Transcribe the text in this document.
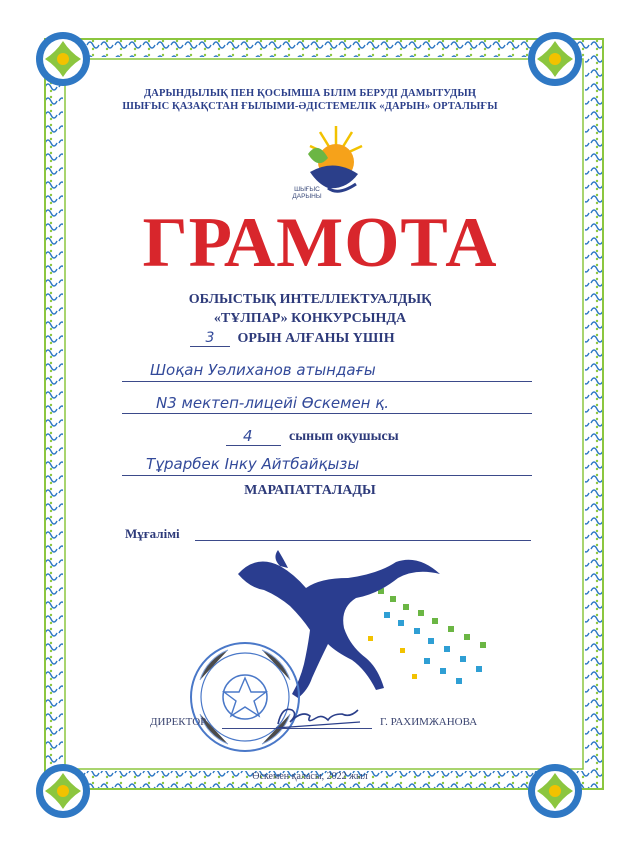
ДАРЫНДЫЛЫҚ ПЕН ҚОСЫМША БІЛІМ БЕРУДІ ДАМЫТУДЫҢ
ШЫҒЫС ҚАЗАҚСТАН ҒЫЛЫМИ-ӘДІСТЕМЕЛІК «ДАРЫН» ОРТАЛЫҒЫ
ШЫҒЫС
ДАРЫНЫ
ГРАМОТА
ОБЛЫСТЫҚ ИНТЕЛЛЕКТУАЛДЫҚ
«ТҰЛПАР» КОНКУРСЫНДА
3 ОРЫН АЛҒАНЫ ҮШІН
Шоқан Уәлиханов атындағы
N3 мектеп-лицейі Өскемен қ.
4	сынып оқушысы
Тұрарбек Інку Айтбайқызы
МАРАПАТТАЛАДЫ
Мұғалімі
ДИРЕКТОР	Г. РАХИМЖАНОВА
Өскемен қаласы, 2022 жыл
